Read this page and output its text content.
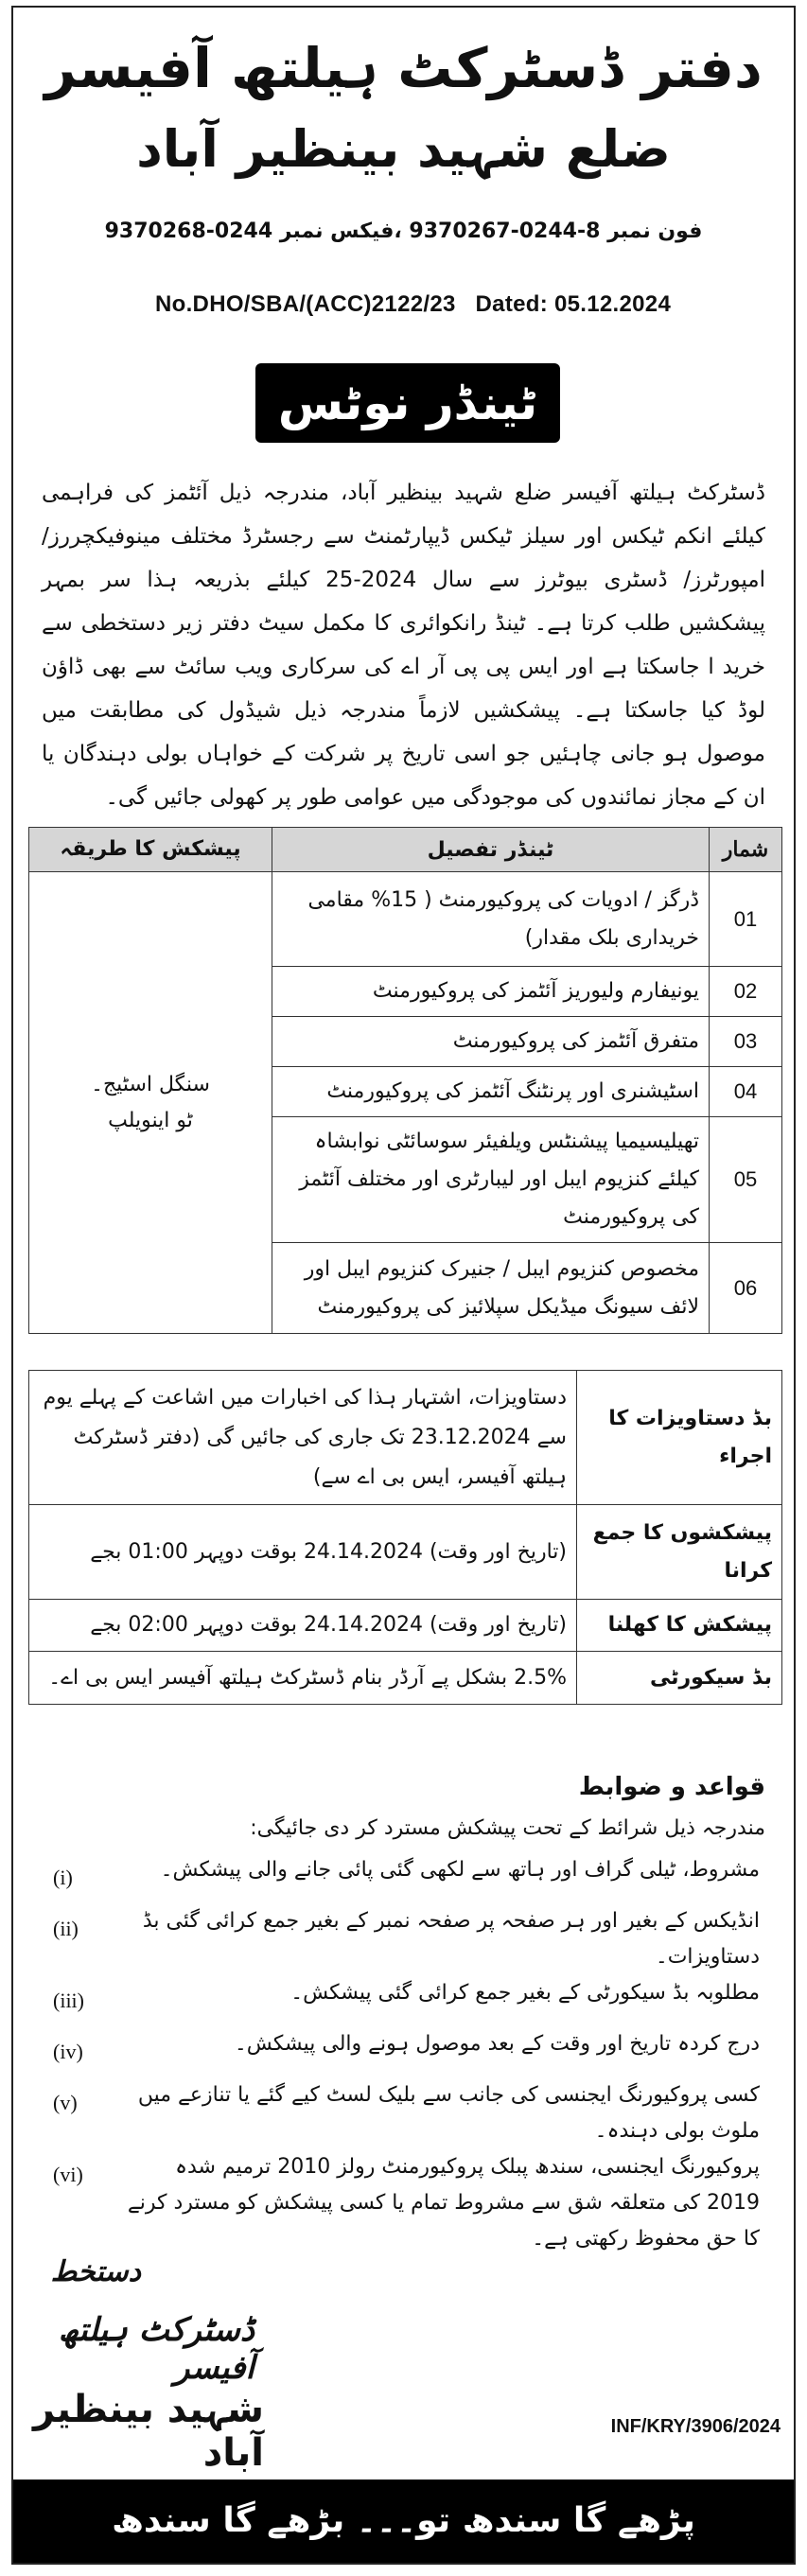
دفتر ڈسٹرکٹ ہیلتھ آفیسر
ضلع شہید بینظیر آباد
فون نمبر 8-0244-9370267 ،فیکس نمبر 0244-9370268
No.DHO/SBA/(ACC)2122/23 Dated: 05.12.2024
ٹینڈر نوٹس
ڈسٹرکٹ ہیلتھ آفیسر ضلع شہید بینظیر آباد، مندرجہ ذیل آئٹمز کی فراہمی کیلئے انکم ٹیکس اور سیلز ٹیکس ڈیپارٹمنٹ سے رجسٹرڈ مختلف مینوفیکچررز/ امپورٹرز/ ڈسٹری بیوٹرز سے سال 2024-25 کیلئے بذریعہ ہذا سر بمہر پیشکشیں طلب کرتا ہے۔ ٹینڈ رانکوائری کا مکمل سیٹ دفتر زیر دستخطی سے خرید ا جاسکتا ہے اور ایس پی پی آر اے کی سرکاری ویب سائٹ سے بھی ڈاؤن لوڈ کیا جاسکتا ہے۔ پیشکشیں لازماً مندرجہ ذیل شیڈول کی مطابقت میں موصول ہو جانی چاہئیں جو اسی تاریخ پر شرکت کے خواہاں بولی دہندگان یا ان کے مجاز نمائندوں کی موجودگی میں عوامی طور پر کھولی جائیں گی۔
شمار	ٹینڈر تفصیل	پیشکش کا طریقہ
01	ڈرگز / ادویات کی پروکیورمنٹ ( 15% مقامی خریداری بلک مقدار)	سنگل اسٹیج۔
ٹو اینویلپ

02	یونیفارم ولیوریز آئٹمز کی پروکیورمنٹ	
03	متفرق آئٹمز کی پروکیورمنٹ	
04	اسٹیشنری اور پرنٹنگ آئٹمز کی پروکیورمنٹ	
05	تھیلیسیمیا پیشنٹس ویلفیئر سوسائٹی نوابشاہ کیلئے کنزیوم ایبل اور لیبارٹری اور مختلف آئٹمز کی پروکیورمنٹ	
06	مخصوص کنزیوم ایبل / جنیرک کنزیوم ایبل اور لائف سیونگ میڈیکل سپلائیز کی پروکیورمنٹ	
بڈ دستاویزات کا اجراء	دستاویزات، اشتہار ہذا کی اخبارات میں اشاعت کے پہلے یوم سے 23.12.2024 تک جاری کی جائیں گی (دفتر ڈسٹرکٹ ہیلتھ آفیسر، ایس بی اے سے)
پیشکشوں کا جمع کرانا	(تاریخ اور وقت) 24.14.2024 بوقت دوپہر 01:00 بجے
پیشکش کا کھلنا	(تاریخ اور وقت) 24.14.2024 بوقت دوپہر 02:00 بجے
بڈ سیکورٹی	2.5% بشکل پے آرڈر بنام ڈسٹرکٹ ہیلتھ آفیسر ایس بی اے۔
قواعد و ضوابط
مندرجہ ذیل شرائط کے تحت پیشکش مسترد کر دی جائیگی:
(i)	مشروط، ٹیلی گراف اور ہاتھ سے لکھی گئی پائی جانے والی پیشکش۔
(ii)	انڈیکس کے بغیر اور ہر صفحہ پر صفحہ نمبر کے بغیر جمع کرائی گئی بڈ دستاویزات۔
(iii)	مطلوبہ بڈ سیکورٹی کے بغیر جمع کرائی گئی پیشکش۔
(iv)	درج کردہ تاریخ اور وقت کے بعد موصول ہونے والی پیشکش۔
(v)	کسی پروکیورنگ ایجنسی کی جانب سے بلیک لسٹ کیے گئے یا تنازعے میں ملوث بولی دہندہ۔
(vi)	پروکیورنگ ایجنسی، سندھ پبلک پروکیورمنٹ رولز 2010 ترمیم شدہ 2019 کی متعلقہ شق سے مشروط تمام یا کسی پیشکش کو مسترد کرنے کا حق محفوظ رکھتی ہے۔
دستخط
ڈسٹرکٹ ہیلتھ آفیسر
شہید بینظیر آباد
INF/KRY/3906/2024
پڑھے گا سندھ تو۔۔۔ بڑھے گا سندھ
